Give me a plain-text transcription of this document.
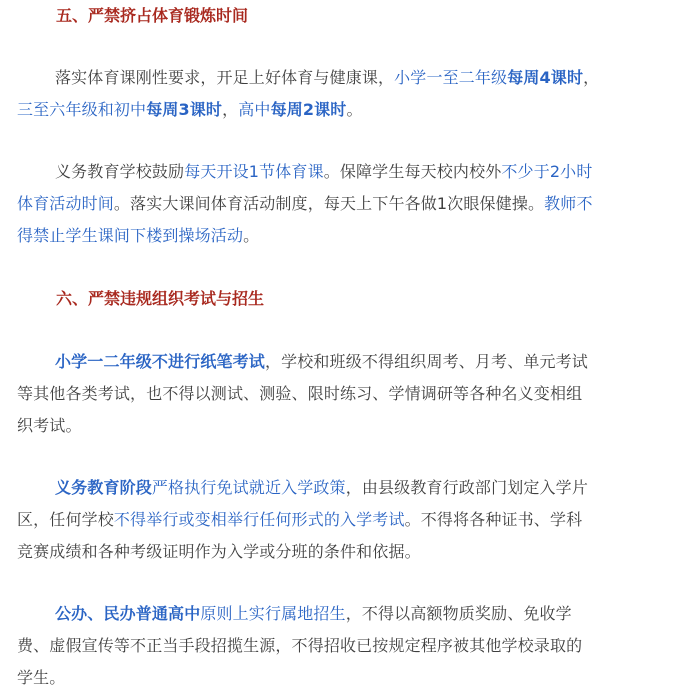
五、严禁挤占体育锻炼时间
落实体育课刚性要求，开足上好体育与健康课，小学一至二年级每周4课时，
三至六年级和初中每周3课时，高中每周2课时。
义务教育学校鼓励每天开设1节体育课。保障学生每天校内校外不少于2小时
体育活动时间。落实大课间体育活动制度，每天上下午各做1次眼保健操。教师不
得禁止学生课间下楼到操场活动。
六、严禁违规组织考试与招生
小学一二年级不进行纸笔考试，学校和班级不得组织周考、月考、单元考试
等其他各类考试，也不得以测试、测验、限时练习、学情调研等各种名义变相组
织考试。
义务教育阶段严格执行免试就近入学政策，由县级教育行政部门划定入学片
区，任何学校不得举行或变相举行任何形式的入学考试。不得将各种证书、学科
竞赛成绩和各种考级证明作为入学或分班的条件和依据。
公办、民办普通高中原则上实行属地招生，不得以高额物质奖励、免收学
费、虚假宣传等不正当手段招揽生源，不得招收已按规定程序被其他学校录取的
学生。
